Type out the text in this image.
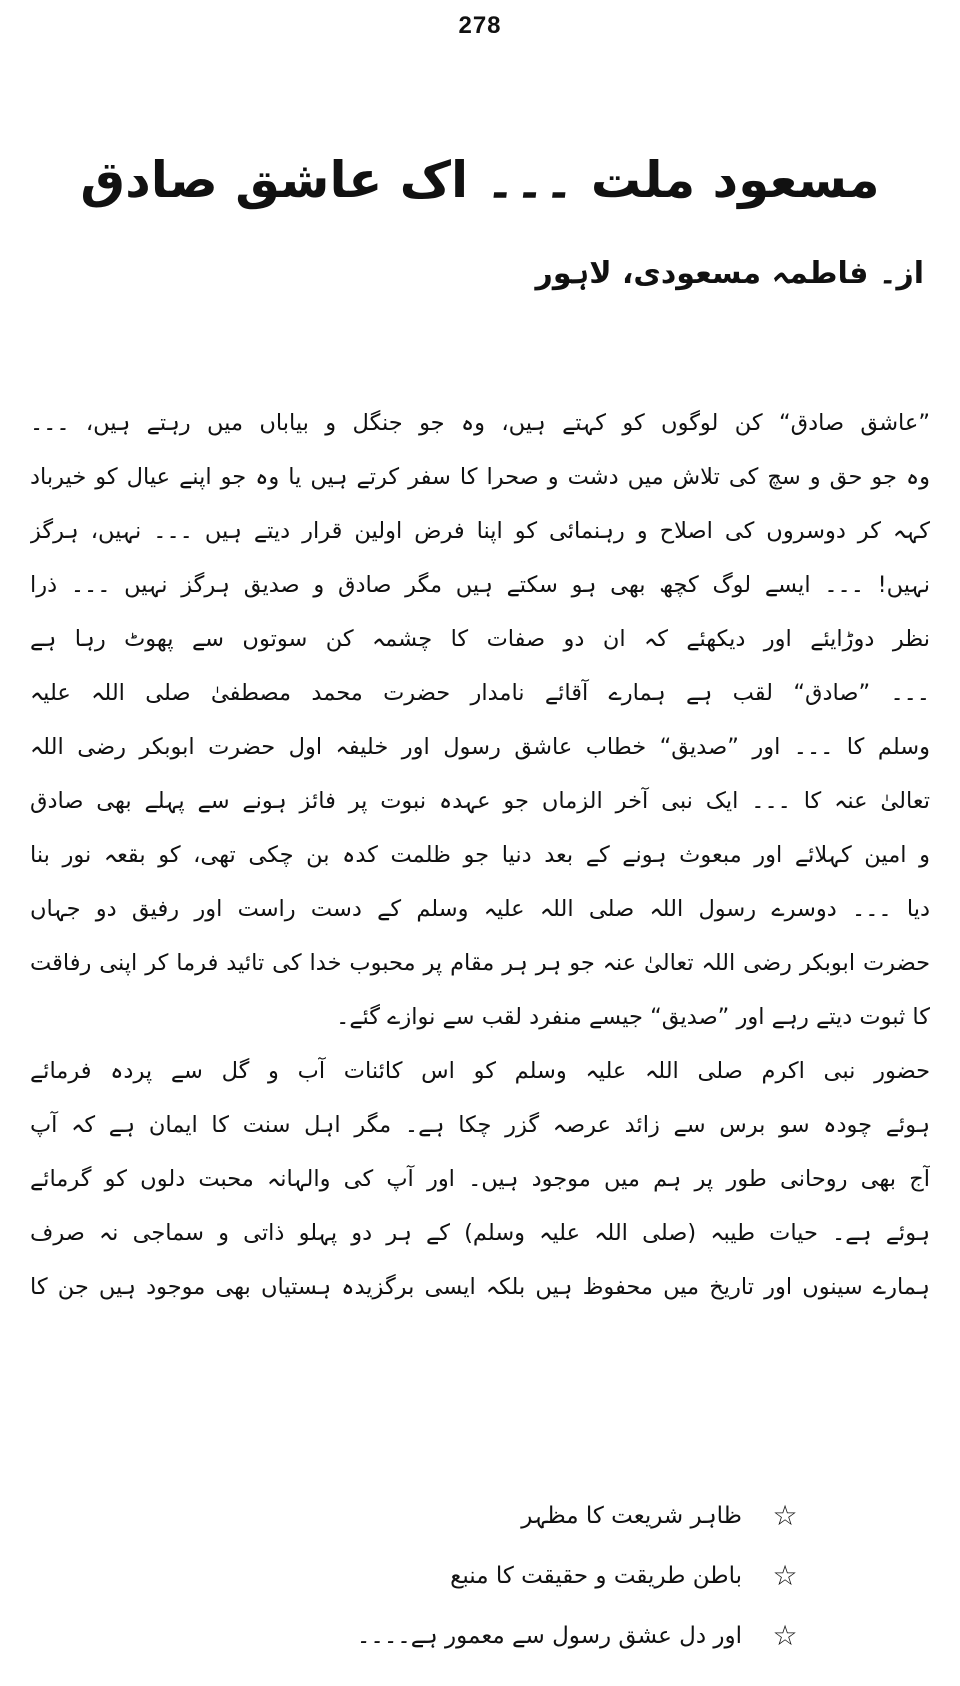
278
مسعود ملت ۔۔۔ اک عاشق صادق
از۔ فاطمہ مسعودی، لاہور
”عاشق صادق“ کن لوگوں کو کہتے ہیں، وہ جو جنگل و بیاباں میں رہتے ہیں، ۔۔۔
وہ جو حق و سچ کی تلاش میں دشت و صحرا کا سفر کرتے ہیں یا وہ جو اپنے عیال کو خیرباد
کہہ کر دوسروں کی اصلاح و رہنمائی کو اپنا فرض اولین قرار دیتے ہیں ۔۔۔ نہیں، ہرگز
نہیں! ۔۔۔ ایسے لوگ کچھ بھی ہو سکتے ہیں مگر صادق و صدیق ہرگز نہیں ۔۔۔ ذرا
نظر دوڑایئے اور دیکھئے کہ ان دو صفات کا چشمہ کن سوتوں سے پھوٹ رہا ہے
۔۔۔ ”صادق“ لقب ہے ہمارے آقائے نامدار حضرت محمد مصطفیٰ صلی اللہ علیہ
وسلم کا ۔۔۔ اور ”صدیق“ خطاب عاشق رسول اور خلیفہ اول حضرت ابوبکر رضی اللہ
تعالیٰ عنہ کا ۔۔۔ ایک نبی آخر الزماں جو عہدہ نبوت پر فائز ہونے سے پہلے بھی صادق
و امین کہلائے اور مبعوث ہونے کے بعد دنیا جو ظلمت کدہ بن چکی تھی، کو بقعہ نور بنا
دیا ۔۔۔ دوسرے رسول اللہ صلی اللہ علیہ وسلم کے دست راست اور رفیق دو جہاں
حضرت ابوبکر رضی اللہ تعالیٰ عنہ جو ہر ہر مقام پر محبوب خدا کی تائید فرما کر اپنی رفاقت
کا ثبوت دیتے رہے اور ”صدیق“ جیسے منفرد لقب سے نوازے گئے۔
حضور نبی اکرم صلی اللہ علیہ وسلم کو اس کائنات آب و گل سے پردہ فرمائے
ہوئے چودہ سو برس سے زائد عرصہ گزر چکا ہے۔ مگر اہل سنت کا ایمان ہے کہ آپ
آج بھی روحانی طور پر ہم میں موجود ہیں۔ اور آپ کی والہانہ محبت دلوں کو گرمائے
ہوئے ہے۔ حیات طیبہ (صلی اللہ علیہ وسلم) کے ہر دو پہلو ذاتی و سماجی نہ صرف
ہمارے سینوں اور تاریخ میں محفوظ ہیں بلکہ ایسی برگزیدہ ہستیاں بھی موجود ہیں جن کا
☆
ظاہر شریعت کا مظہر
☆
باطن طریقت و حقیقت کا منبع
☆
اور دل عشق رسول سے معمور ہے۔۔۔۔
